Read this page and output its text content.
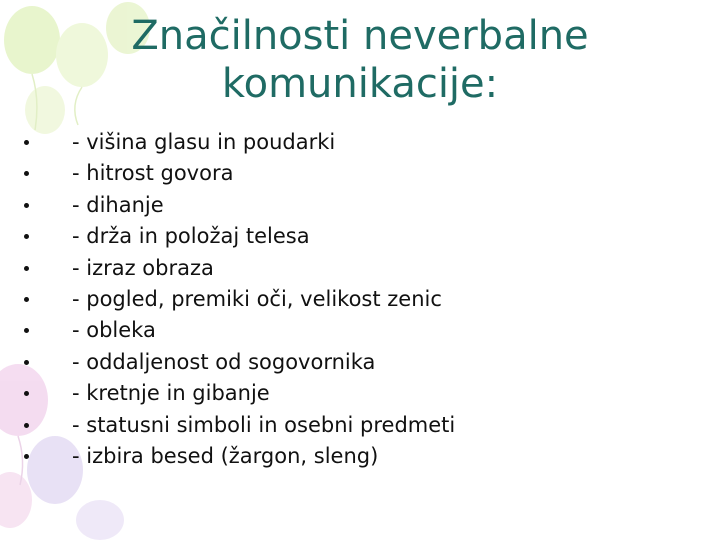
Značilnosti neverbalne
komunikacije:
- višina glasu in poudarki
- hitrost govora
- dihanje
- drža in položaj telesa
- izraz obraza
- pogled, premiki oči, velikost zenic
- obleka
- oddaljenost od sogovornika
- kretnje in gibanje
- statusni simboli in osebni predmeti
- izbira besed (žargon, sleng)
